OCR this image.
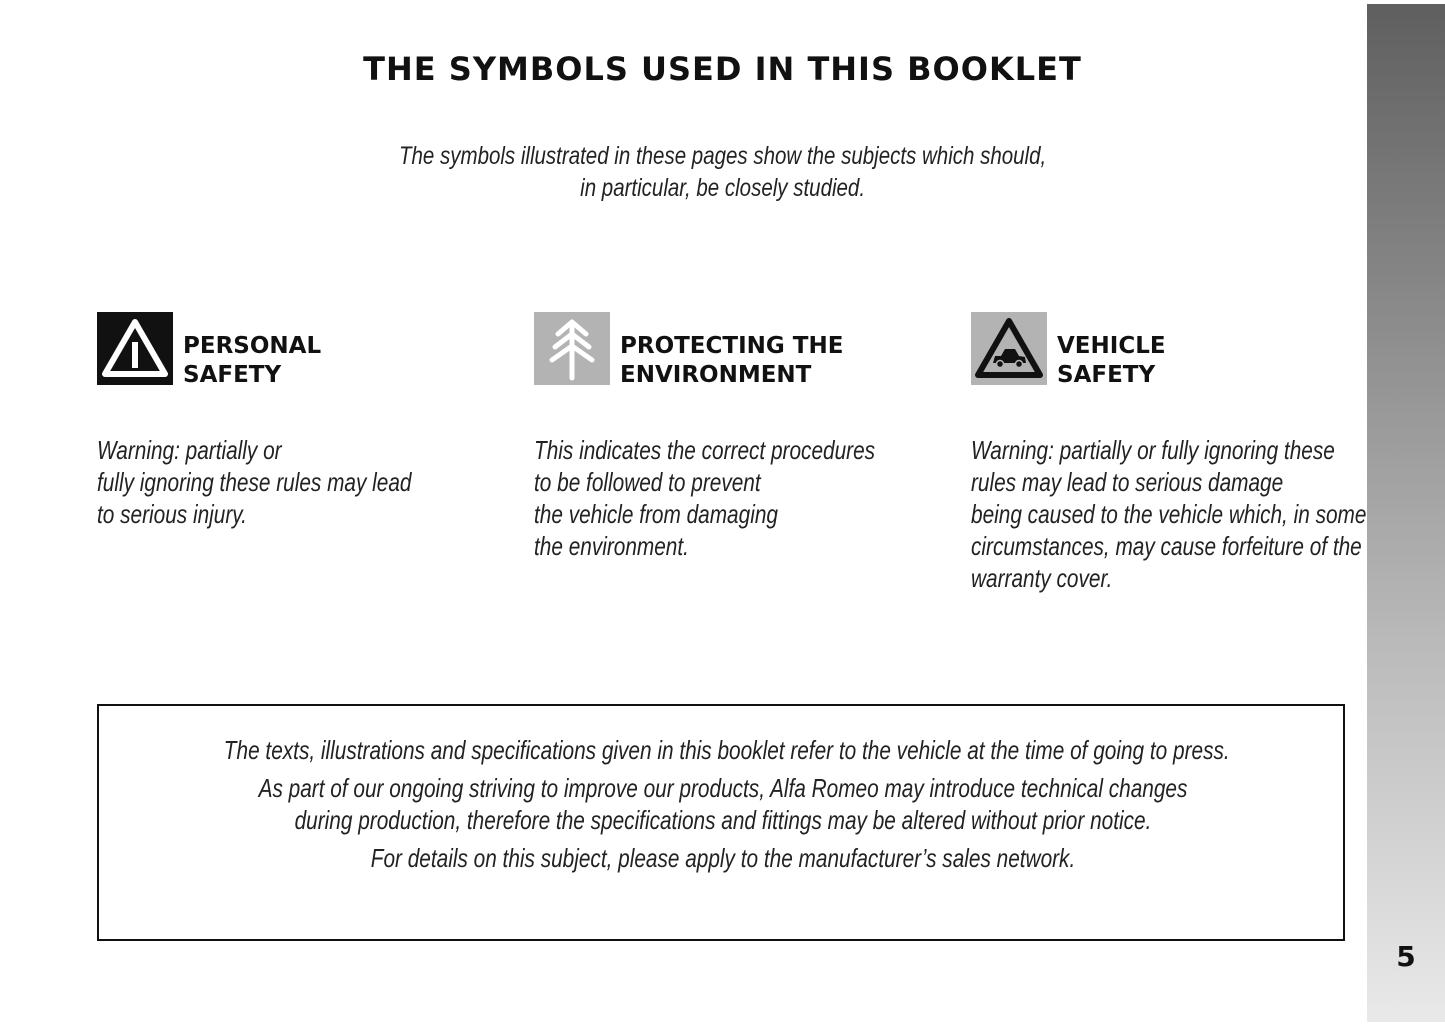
5
THE SYMBOLS USED IN THIS BOOKLET
The symbols illustrated in these pages show the subjects which should,
in particular, be closely studied.
PERSONAL
SAFETY
Warning: partially or
fully ignoring these rules may lead
to serious injury.
PROTECTING THE
ENVIRONMENT
This indicates the correct procedures
to be followed to prevent
the vehicle from damaging
the environment.
VEHICLE
SAFETY
Warning: partially or fully ignoring these
rules may lead to serious damage
being caused to the vehicle which, in some
circumstances, may cause forfeiture of the
warranty cover.
The texts, illustrations and specifications given in this booklet refer to the vehicle at the time of going to press.
As part of our ongoing striving to improve our products, Alfa Romeo may introduce technical changes
during production, therefore the specifications and fittings may be altered without prior notice.
For details on this subject, please apply to the manufacturer’s sales network.
